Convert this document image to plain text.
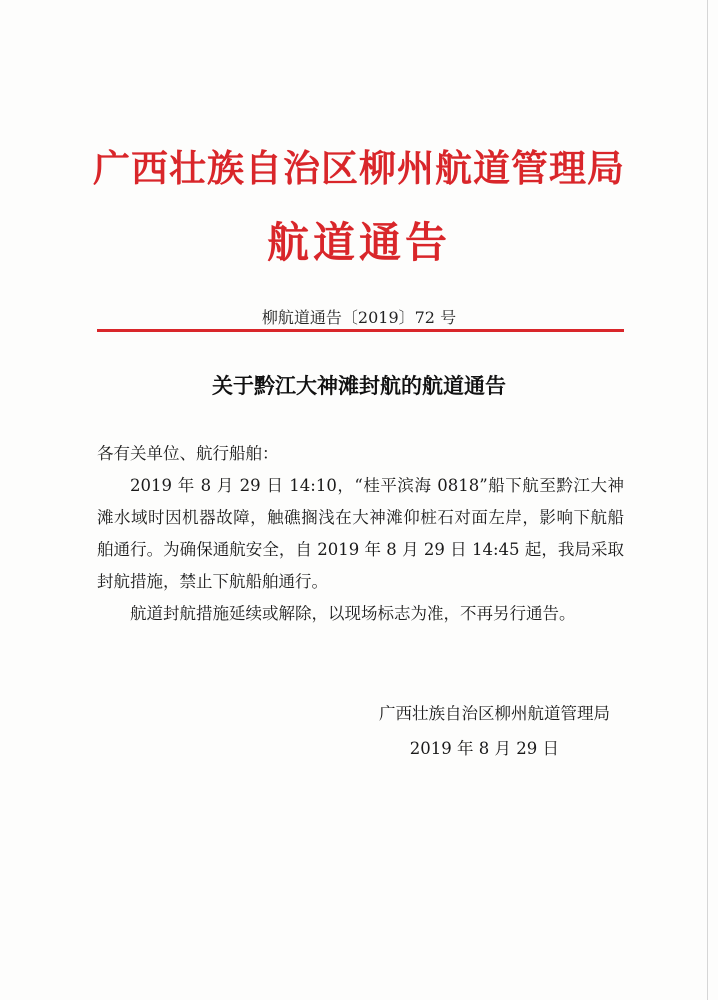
广西壮族自治区柳州航道管理局
航道通告
柳航道通告〔2019〕72 号
关于黔江大神滩封航的航道通告

各有关单位、航行船舶：

2019 年 8 月 29 日 14:10，“桂平滨海 0818”船下航至黔江大神滩水域时因机器故障，触礁搁浅在大神滩仰桩石对面左岸，影响下航船舶通行。为确保通航安全，自 2019 年 8 月 29 日 14:45 起，我局采取封航措施，禁止下航船舶通行。

航道封航措施延续或解除，以现场标志为准，不再另行通告。

广西壮族自治区柳州航道管理局
2019 年 8 月 29 日
